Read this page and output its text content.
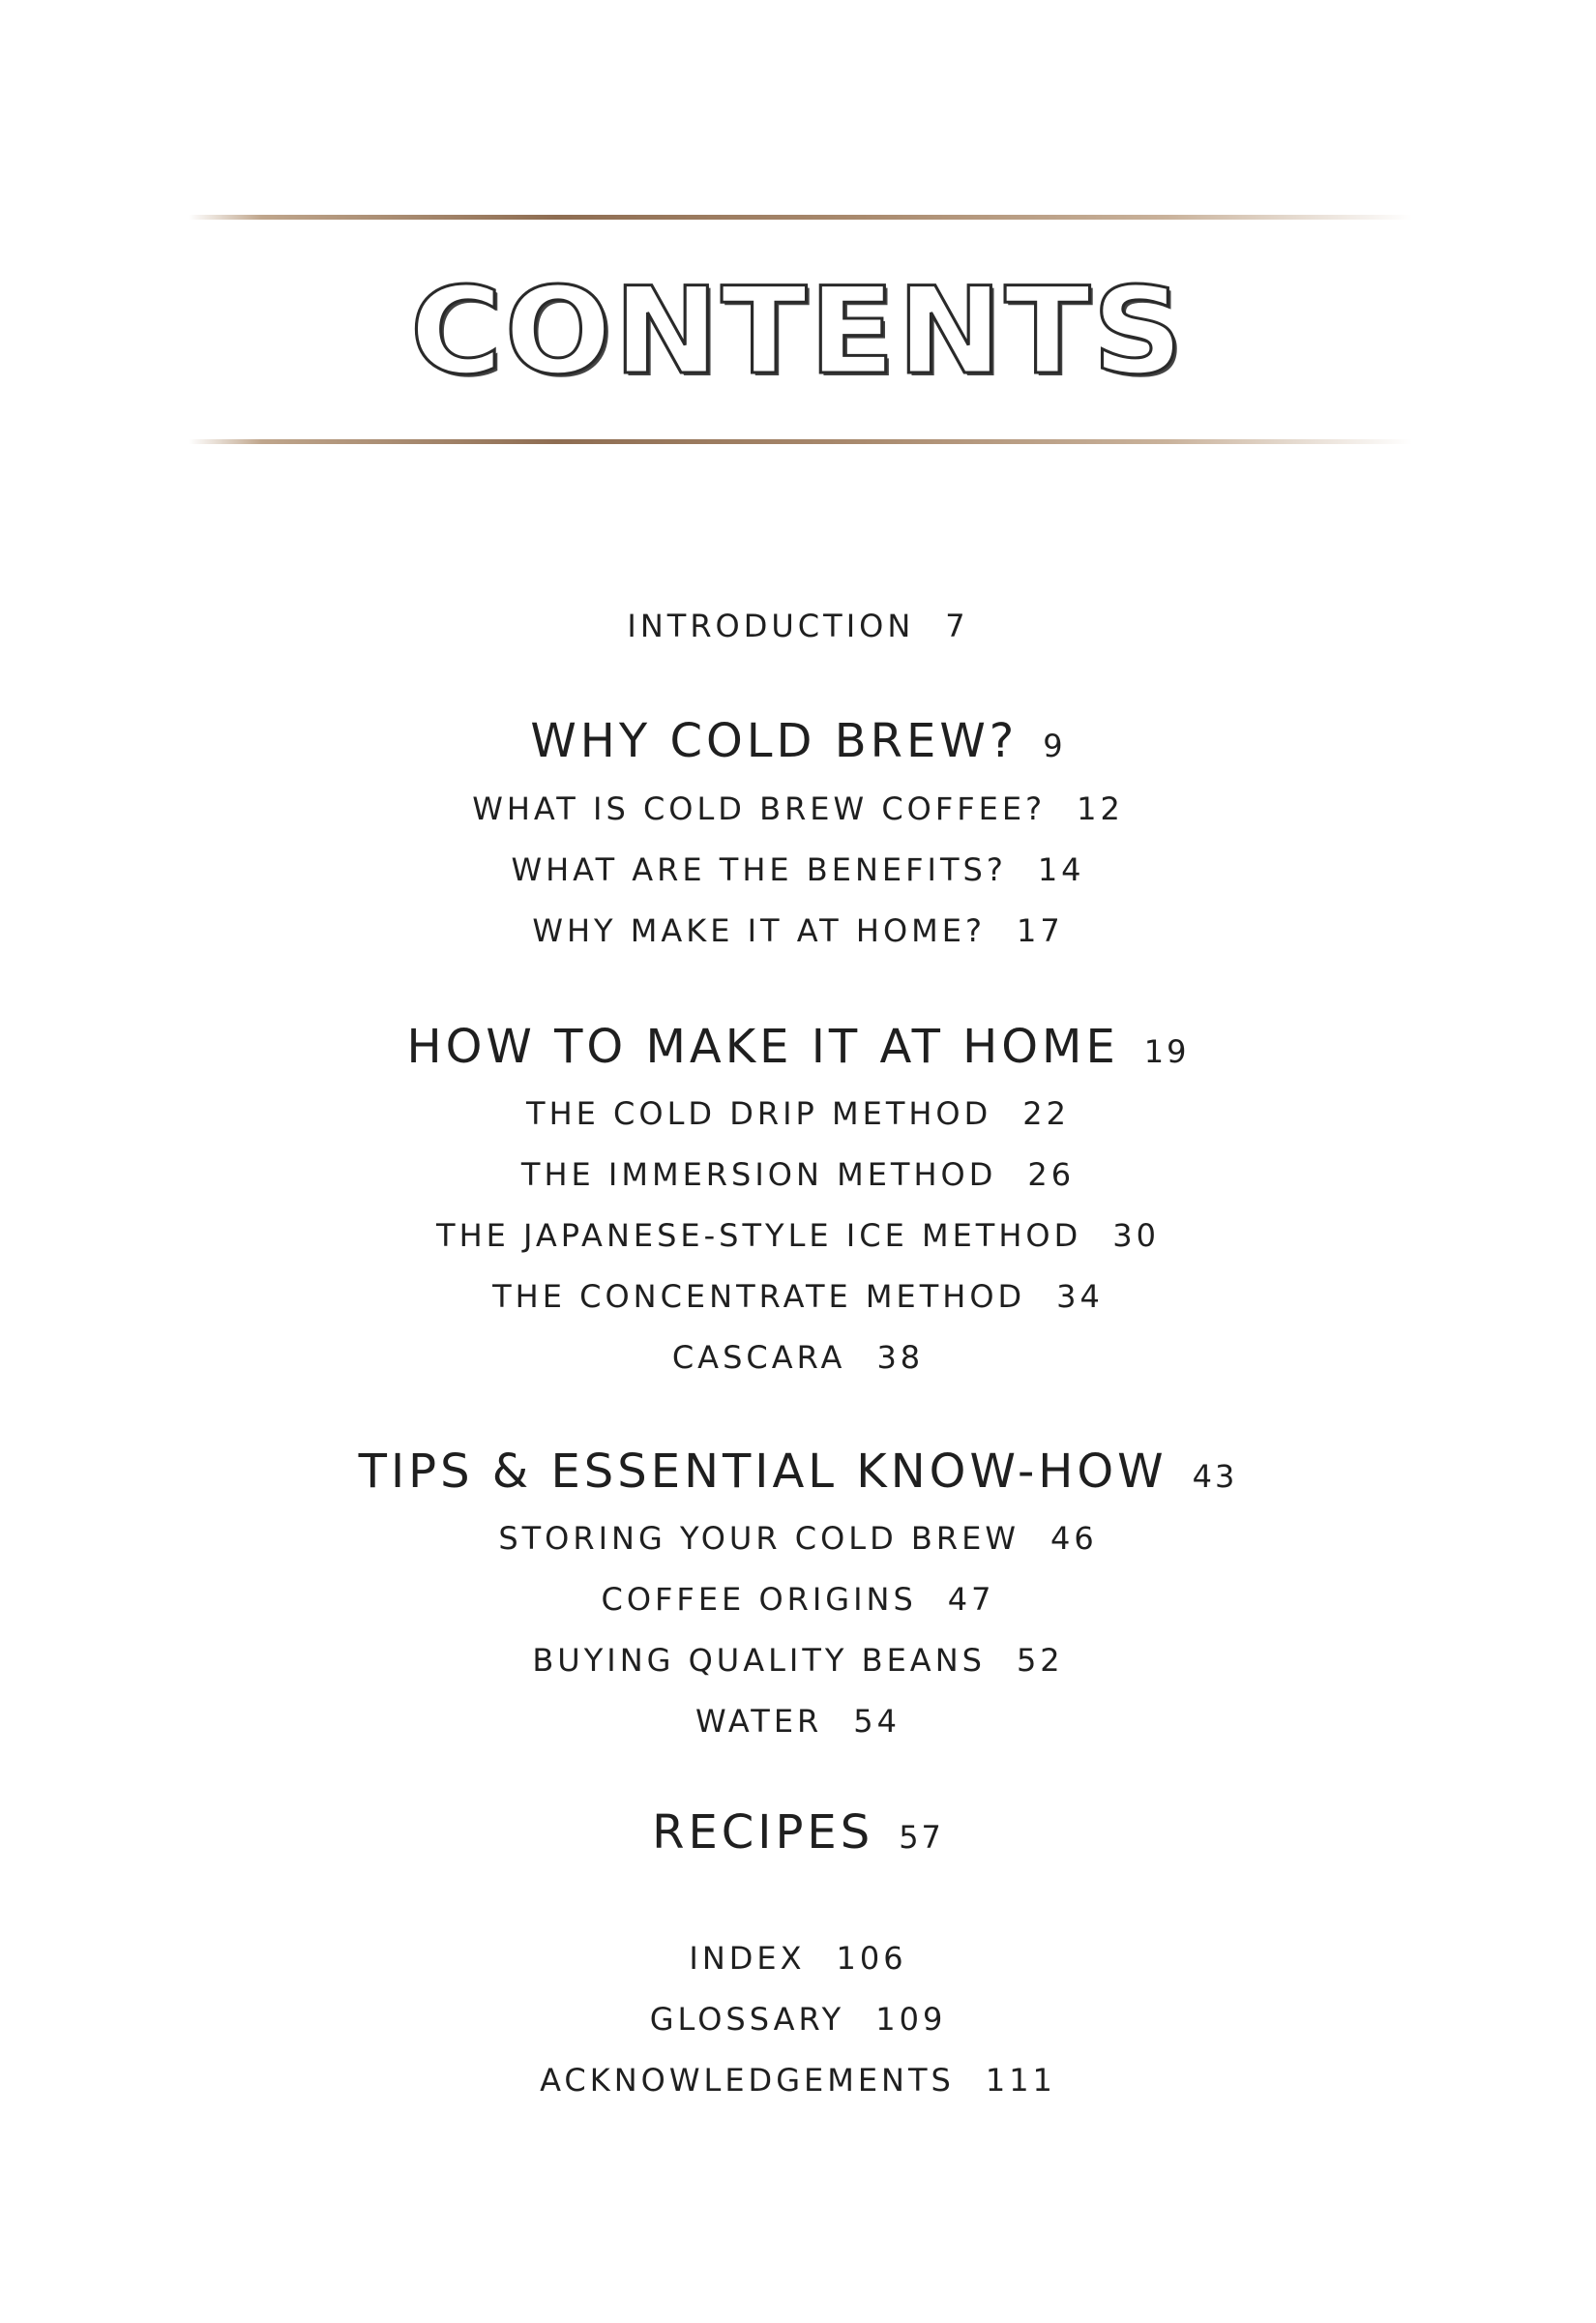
CONTENTS
INTRODUCTION 7
WHY COLD BREW? 9
WHAT IS COLD BREW COFFEE? 12
WHAT ARE THE BENEFITS? 14
WHY MAKE IT AT HOME? 17
HOW TO MAKE IT AT HOME 19
THE COLD DRIP METHOD 22
THE IMMERSION METHOD 26
THE JAPANESE-STYLE ICE METHOD 30
THE CONCENTRATE METHOD 34
CASCARA 38
TIPS & ESSENTIAL KNOW-HOW 43
STORING YOUR COLD BREW 46
COFFEE ORIGINS 47
BUYING QUALITY BEANS 52
WATER 54
RECIPES 57
INDEX 106
GLOSSARY 109
ACKNOWLEDGEMENTS 111
